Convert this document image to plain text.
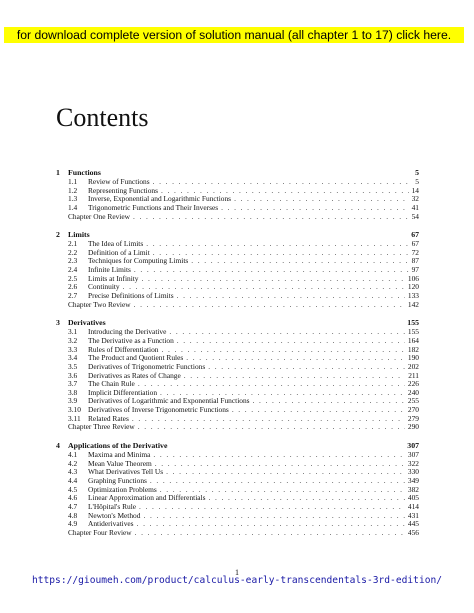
for download complete version of solution manual (all chapter 1 to 17) click here.
Contents
1	Functions	5
1.1	Review of Functions . . .	5
1.2	Representing Functions . . .	14
1.3	Inverse, Exponential and Logarithmic Functions . . .	32
1.4	Trigonometric Functions and Their Inverses . . .	41
Chapter One Review . . .	54
2	Limits	67
2.1	The Idea of Limits . . .	67
2.2	Definition of a Limit . . .	72
2.3	Techniques for Computing Limits . . .	87
2.4	Infinite Limits . . .	97
2.5	Limits at Infinity . . .	106
2.6	Continuity . . .	120
2.7	Precise Definitions of Limits . . .	133
Chapter Two Review . . .	142
3	Derivatives	155
3.1	Introducing the Derivative . . .	155
3.2	The Derivative as a Function . . .	164
3.3	Rules of Differentiation . . .	182
3.4	The Product and Quotient Rules . . .	190
3.5	Derivatives of Trigonometric Functions . . .	202
3.6	Derivatives as Rates of Change . . .	211
3.7	The Chain Rule . . .	226
3.8	Implicit Differentiation . . .	240
3.9	Derivatives of Logarithmic and Exponential Functions . . .	255
3.10 Derivatives of Inverse Trigonometric Functions . . .	270
3.11 Related Rates . . .	279
Chapter Three Review . . .	290
4	Applications of the Derivative	307
4.1	Maxima and Minima . . .	307
4.2	Mean Value Theorem . . .	322
4.3	What Derivatives Tell Us . . .	330
4.4	Graphing Functions . . .	349
4.5	Optimization Problems . . .	382
4.6	Linear Approximation and Differentials . . .	405
4.7	L'Hôpital's Rule . . .	414
4.8	Newton's Method . . .	431
4.9	Antiderivatives . . .	445
Chapter Four Review . . .	456
1
https://gioumeh.com/product/calculus-early-transcendentals-3rd-edition/
